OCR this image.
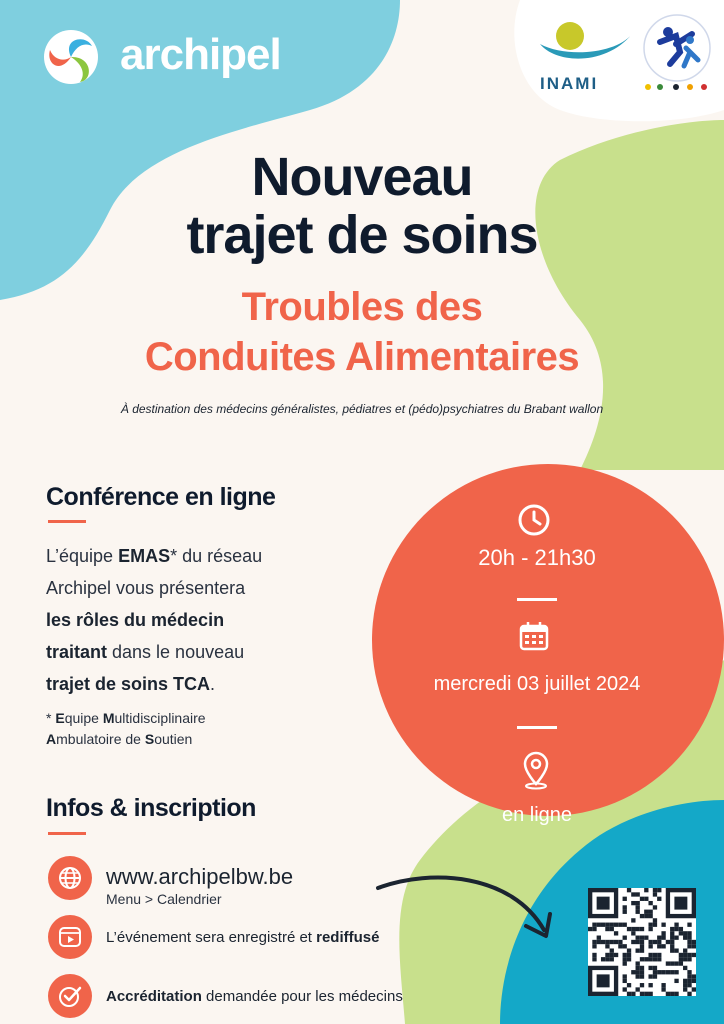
archipel
INAMI
Nouveau
trajet de soins
Troubles des
Conduites Alimentaires
À destination des médecins généralistes, pédiatres et (pédo)psychiatres du Brabant wallon
Conférence en ligne
L’équipe EMAS* du réseau
Archipel vous présentera
les rôles du médecin
traitant dans le nouveau
trajet de soins TCA.
* Equipe Multidisciplinaire
Ambulatoire de Soutien
20h - 21h30
mercredi 03 juillet 2024
en ligne
Infos & inscription
www.archipelbw.be
Menu > Calendrier
L’événement sera enregistré et rediffusé
Accréditation demandée pour les médecins
